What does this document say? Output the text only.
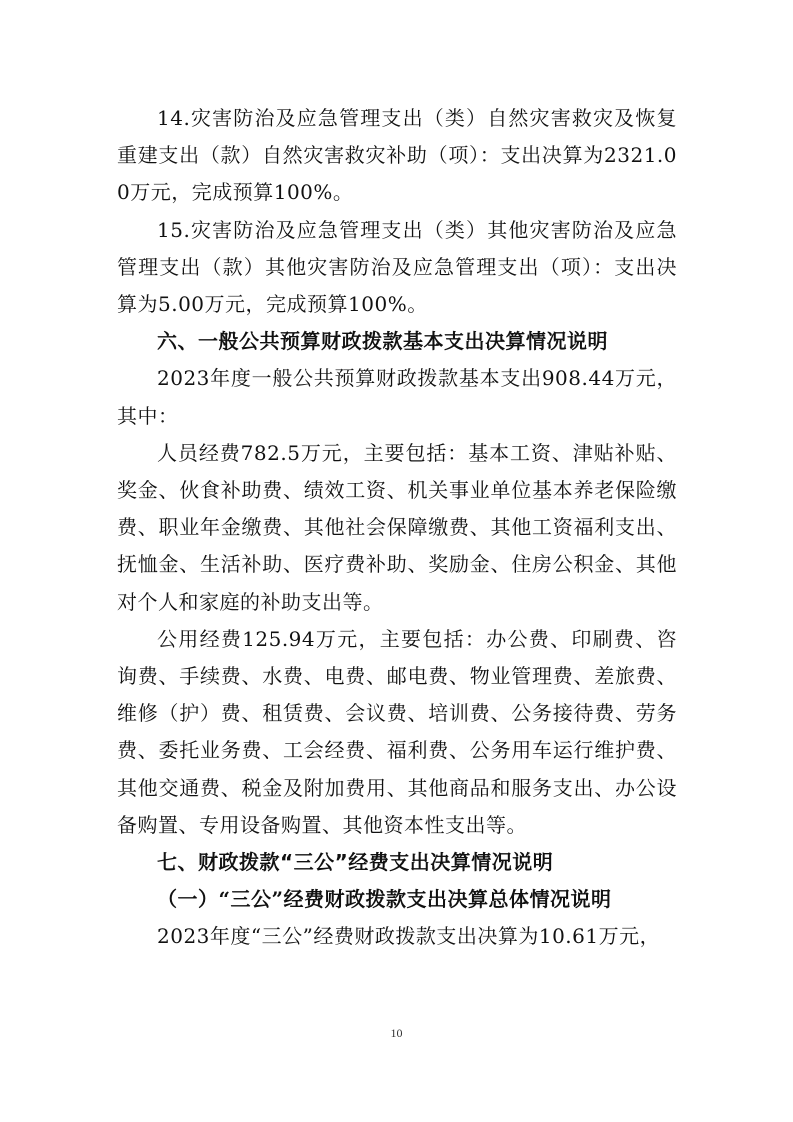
14.灾害防治及应急管理支出（类）自然灾害救灾及恢复重建支出（款）自然灾害救灾补助（项）：支出决算为2321.00万元，完成预算100%。

15.灾害防治及应急管理支出（类）其他灾害防治及应急管理支出（款）其他灾害防治及应急管理支出（项）：支出决算为5.00万元，完成预算100%。

六、一般公共预算财政拨款基本支出决算情况说明

2023年度一般公共预算财政拨款基本支出908.44万元，其中：

人员经费782.5万元，主要包括：基本工资、津贴补贴、奖金、伙食补助费、绩效工资、机关事业单位基本养老保险缴费、职业年金缴费、其他社会保障缴费、其他工资福利支出、抚恤金、生活补助、医疗费补助、奖励金、住房公积金、其他对个人和家庭的补助支出等。

公用经费125.94万元，主要包括：办公费、印刷费、咨询费、手续费、水费、电费、邮电费、物业管理费、差旅费、维修（护）费、租赁费、会议费、培训费、公务接待费、劳务费、委托业务费、工会经费、福利费、公务用车运行维护费、其他交通费、税金及附加费用、其他商品和服务支出、办公设备购置、专用设备购置、其他资本性支出等。

七、财政拨款“三公”经费支出决算情况说明

（一）“三公”经费财政拨款支出决算总体情况说明

2023年度“三公”经费财政拨款支出决算为10.61万元，

10
